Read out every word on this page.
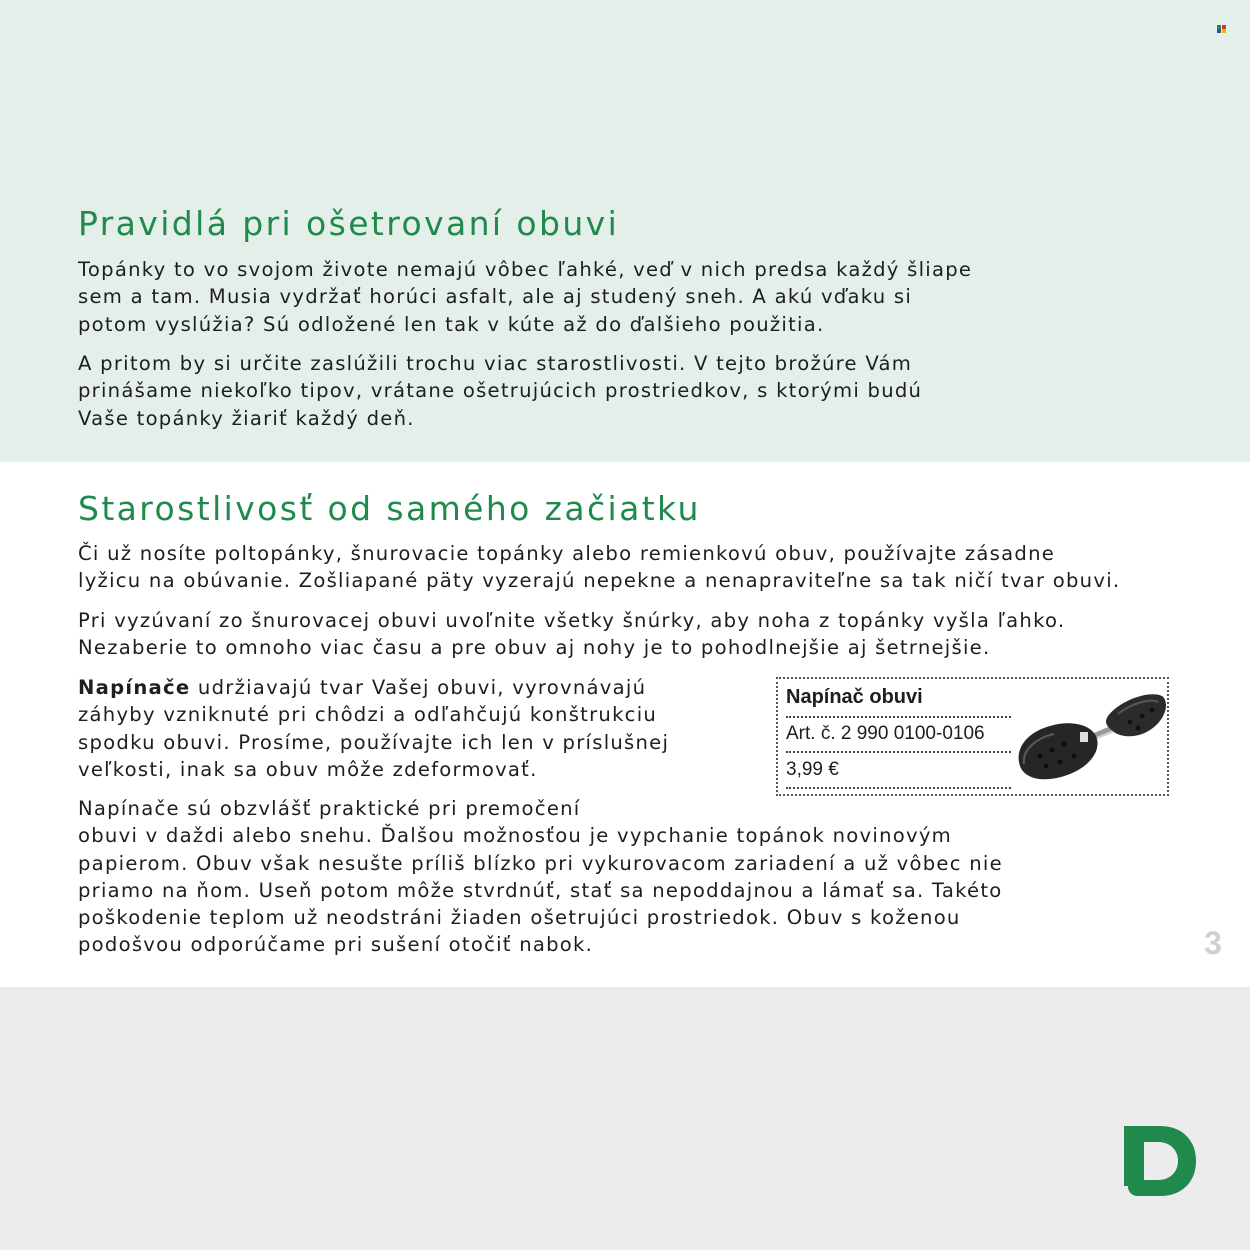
Pravidlá pri ošetrovaní obuvi

Topánky to vo svojom živote nemajú vôbec ľahké, veď v nich predsa každý šliape
sem a tam. Musia vydržať horúci asfalt, ale aj studený sneh. A akú vďaku si
potom vyslúžia? Sú odložené len tak v kúte až do ďalšieho použitia.

A pritom by si určite zaslúžili trochu viac starostlivosti. V tejto brožúre Vám
prinášame niekoľko tipov, vrátane ošetrujúcich prostriedkov, s ktorými budú
Vaše topánky žiariť každý deň.

Starostlivosť od samého začiatku

Či už nosíte poltopánky, šnurovacie topánky alebo remienkovú obuv, používajte zásadne
lyžicu na obúvanie. Zošliapané päty vyzerajú nepekne a nenapraviteľne sa tak ničí tvar obuvi.

Pri vyzúvaní zo šnurovacej obuvi uvoľnite všetky šnúrky, aby noha z topánky vyšla ľahko.
Nezaberie to omnoho viac času a pre obuv aj nohy je to pohodlnejšie aj šetrnejšie.

Napínače udržiavajú tvar Vašej obuvi, vyrovnávajú
záhyby vzniknuté pri chôdzi a odľahčujú konštrukciu
spodku obuvi. Prosíme, používajte ich len v príslušnej
veľkosti, inak sa obuv môže zdeformovať.

Napínače sú obzvlášť praktické pri premočení
obuvi v daždi alebo snehu. Ďalšou možnosťou je vypchanie topánok novinovým
papierom. Obuv však nesušte príliš blízko pri vykurovacom zariadení a už vôbec nie
priamo na ňom. Useň potom môže stvrdnúť, stať sa nepoddajnou a lámať sa. Takéto
poškodenie teplom už neodstráni žiaden ošetrujúci prostriedok. Obuv s koženou
podošvou odporúčame pri sušení otočiť nabok.

Napínač obuvi
Art. č. 2 990 0100-0106
3,99 €
3
